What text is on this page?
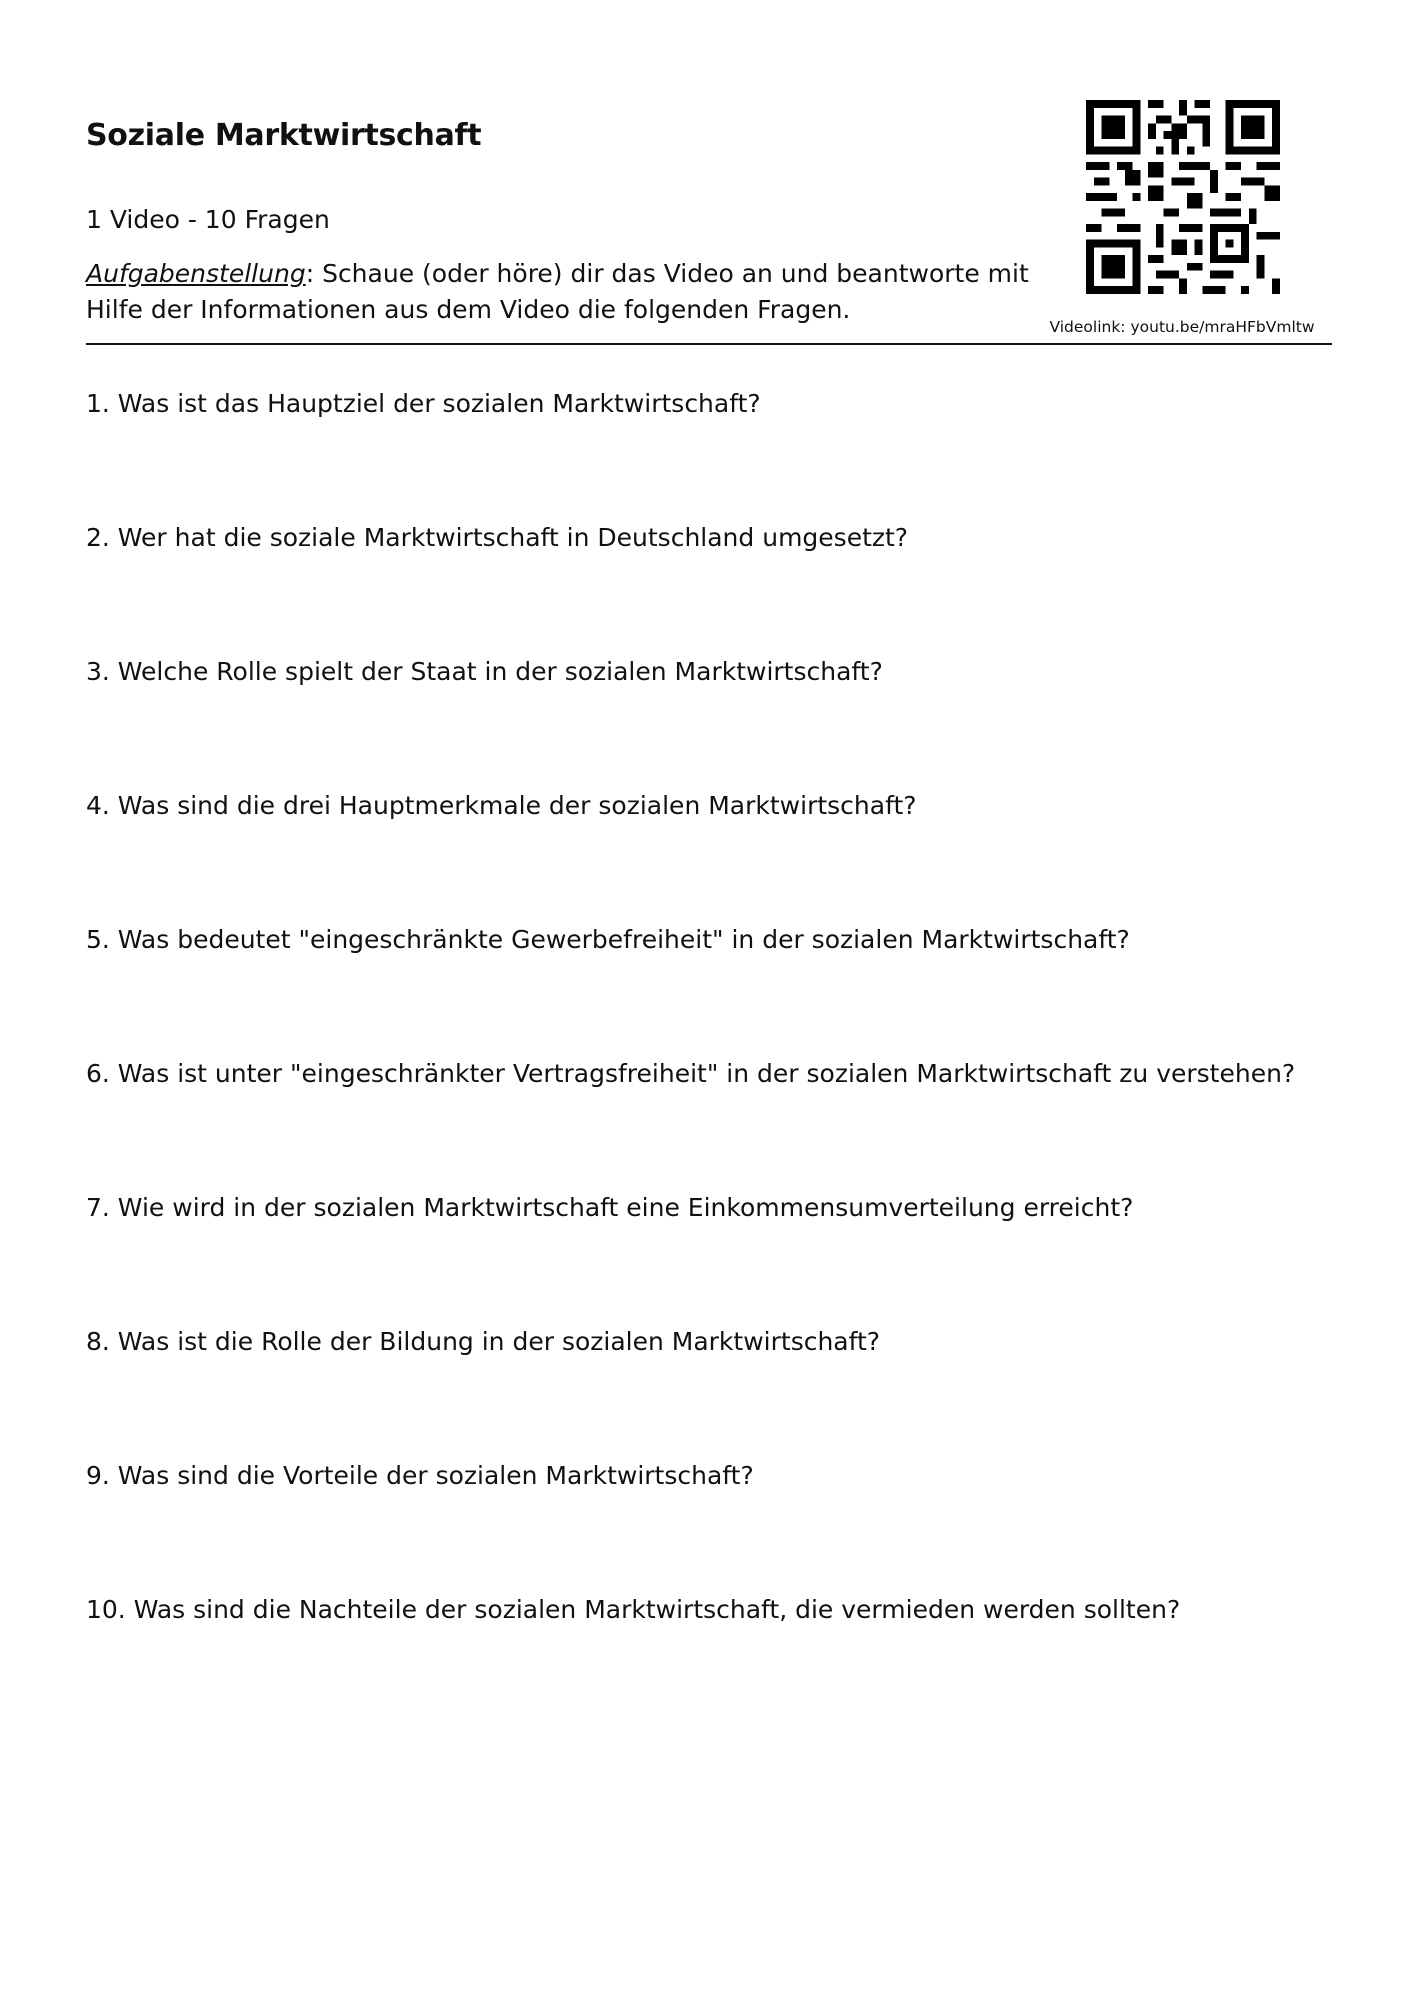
Soziale Marktwirtschaft
1 Video - 10 Fragen
Aufgabenstellung: Schaue (oder höre) dir das Video an und beantworte mit Hilfe der Informationen aus dem Video die folgenden Fragen.
Videolink: youtu.be/mraHFbVmltw
1. Was ist das Hauptziel der sozialen Marktwirtschaft?
2. Wer hat die soziale Marktwirtschaft in Deutschland umgesetzt?
3. Welche Rolle spielt der Staat in der sozialen Marktwirtschaft?
4. Was sind die drei Hauptmerkmale der sozialen Marktwirtschaft?
5. Was bedeutet "eingeschränkte Gewerbefreiheit" in der sozialen Marktwirtschaft?
6. Was ist unter "eingeschränkter Vertragsfreiheit" in der sozialen Marktwirtschaft zu verstehen?
7. Wie wird in der sozialen Marktwirtschaft eine Einkommensumverteilung erreicht?
8. Was ist die Rolle der Bildung in der sozialen Marktwirtschaft?
9. Was sind die Vorteile der sozialen Marktwirtschaft?
10. Was sind die Nachteile der sozialen Marktwirtschaft, die vermieden werden sollten?
